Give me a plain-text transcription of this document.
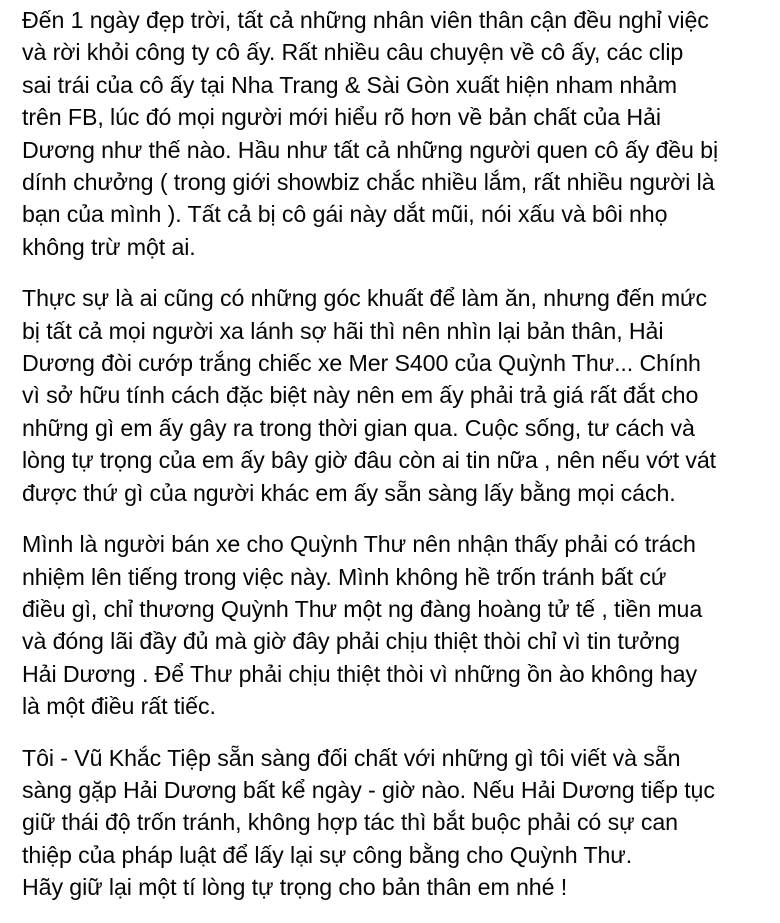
Đến 1 ngày đẹp trời, tất cả những nhân viên thân cận đều nghỉ việc
và rời khỏi công ty cô ấy. Rất nhiều câu chuyện về cô ấy, các clip
sai trái của cô ấy tại Nha Trang & Sài Gòn xuất hiện nham nhảm
trên FB, lúc đó mọi người mới hiểu rõ hơn về bản chất của Hải
Dương như thế nào. Hầu như tất cả những người quen cô ấy đều bị
dính chưởng ( trong giới showbiz chắc nhiều lắm, rất nhiều người là
bạn của mình ). Tất cả bị cô gái này dắt mũi, nói xấu và bôi nhọ
không trừ một ai.
Thực sự là ai cũng có những góc khuất để làm ăn, nhưng đến mức
bị tất cả mọi người xa lánh sợ hãi thì nên nhìn lại bản thân, Hải
Dương đòi cướp trắng chiếc xe Mer S400 của Quỳnh Thư... Chính
vì sở hữu tính cách đặc biệt này nên em ấy phải trả giá rất đắt cho
những gì em ấy gây ra trong thời gian qua. Cuộc sống, tư cách và
lòng tự trọng của em ấy bây giờ đâu còn ai tin nữa , nên nếu vớt vát
được thứ gì của người khác em ấy sẵn sàng lấy bằng mọi cách.
Mình là người bán xe cho Quỳnh Thư nên nhận thấy phải có trách
nhiệm lên tiếng trong việc này. Mình không hề trốn tránh bất cứ
điều gì, chỉ thương Quỳnh Thư một ng đàng hoàng tử tế , tiền mua
và đóng lãi đầy đủ mà giờ đây phải chịu thiệt thòi chỉ vì tin tưởng
Hải Dương . Để Thư phải chịu thiệt thòi vì những ồn ào không hay
là một điều rất tiếc.
Tôi - Vũ Khắc Tiệp sẵn sàng đối chất với những gì tôi viết và sẵn
sàng gặp Hải Dương bất kể ngày - giờ nào. Nếu Hải Dương tiếp tục
giữ thái độ trốn tránh, không hợp tác thì bắt buộc phải có sự can
thiệp của pháp luật để lấy lại sự công bằng cho Quỳnh Thư.
Hãy giữ lại một tí lòng tự trọng cho bản thân em nhé !
